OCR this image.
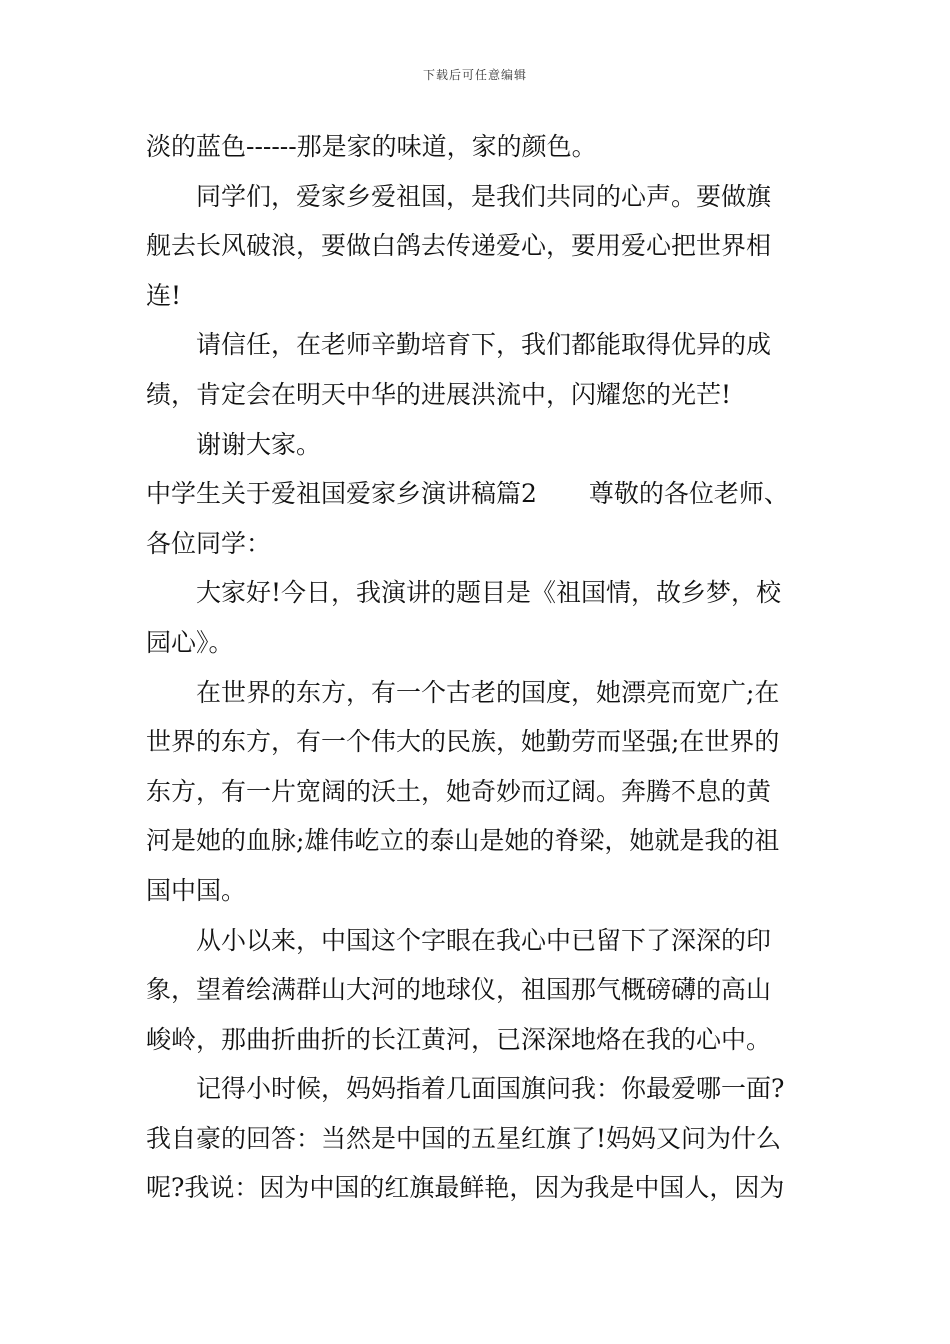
下载后可任意编辑
淡的蓝色------那是家的味道，家的颜色。
同学们，爱家乡爱祖国，是我们共同的心声。要做旗
舰去长风破浪，要做白鸽去传递爱心，要用爱心把世界相
连!
请信任，在老师辛勤培育下，我们都能取得优异的成
绩，肯定会在明天中华的进展洪流中，闪耀您的光芒!
谢谢大家。
中学生关于爱祖国爱家乡演讲稿篇2 尊敬的各位老师、
各位同学：
大家好!今日，我演讲的题目是《祖国情，故乡梦，校
园心》。
在世界的东方，有一个古老的国度，她漂亮而宽广;在
世界的东方，有一个伟大的民族，她勤劳而坚强;在世界的
东方，有一片宽阔的沃土，她奇妙而辽阔。奔腾不息的黄
河是她的血脉;雄伟屹立的泰山是她的脊梁，她就是我的祖
国中国。
从小以来，中国这个字眼在我心中已留下了深深的印
象，望着绘满群山大河的地球仪，祖国那气概磅礴的高山
峻岭，那曲折曲折的长江黄河，已深深地烙在我的心中。
记得小时候，妈妈指着几面国旗问我：你最爱哪一面?
我自豪的回答：当然是中国的五星红旗了!妈妈又问为什么
呢?我说：因为中国的红旗最鲜艳，因为我是中国人，因为
